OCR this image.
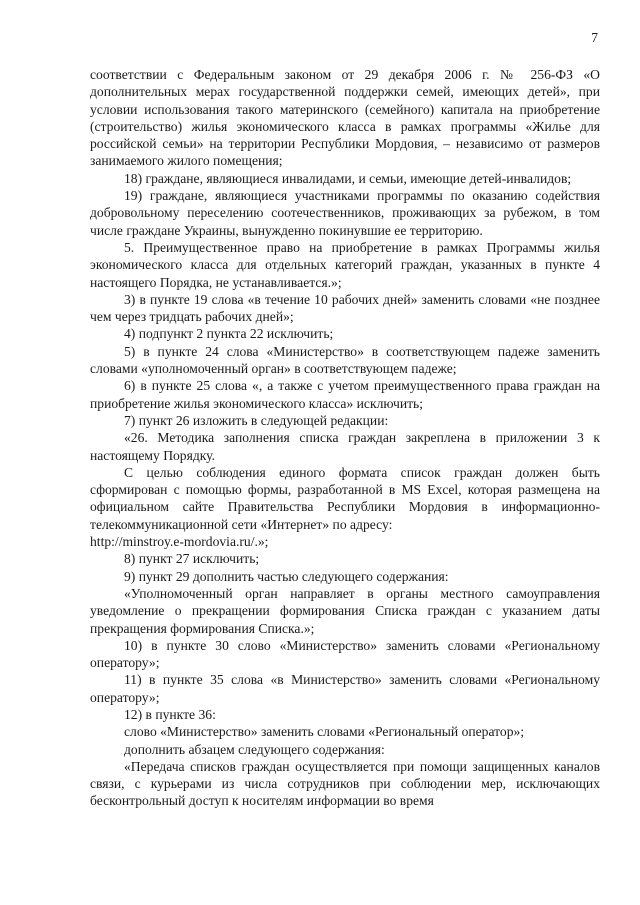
7

соответствии с Федеральным законом от 29 декабря 2006 г. № 256-ФЗ «О дополнительных мерах государственной поддержки семей, имеющих детей», при условии использования такого материнского (семейного) капитала на приобретение (строительство) жилья экономического класса в рамках программы «Жилье для российской семьи» на территории Республики Мордовия, – независимо от размеров занимаемого жилого помещения;

18) граждане, являющиеся инвалидами, и семьи, имеющие детей-инвалидов;

19) граждане, являющиеся участниками программы по оказанию содействия добровольному переселению соотечественников, проживающих за рубежом, в том числе граждане Украины, вынужденно покинувшие ее территорию.

5. Преимущественное право на приобретение в рамках Программы жилья экономического класса для отдельных категорий граждан, указанных в пункте 4 настоящего Порядка, не устанавливается.»;

3) в пункте 19 слова «в течение 10 рабочих дней» заменить словами «не позднее чем через тридцать рабочих дней»;

4) подпункт 2 пункта 22 исключить;

5) в пункте 24 слова «Министерство» в соответствующем падеже заменить словами «уполномоченный орган» в соответствующем падеже;

6) в пункте 25 слова «, а также с учетом преимущественного права граждан на приобретение жилья экономического класса» исключить;

7) пункт 26 изложить в следующей редакции:

«26. Методика заполнения списка граждан закреплена в приложении 3 к настоящему Порядку.

С целью соблюдения единого формата список граждан должен быть сформирован с помощью формы, разработанной в MS Excel, которая размещена на официальном сайте Правительства Республики Мордовия в информационно-телекоммуникационной сети «Интернет» по адресу:

http://minstroy.e-mordovia.ru/.»;

8) пункт 27 исключить;

9) пункт 29 дополнить частью следующего содержания:

«Уполномоченный орган направляет в органы местного самоуправления уведомление о прекращении формирования Списка граждан с указанием даты прекращения формирования Списка.»;

10) в пункте 30 слово «Министерство» заменить словами «Региональному оператору»;

11) в пункте 35 слова «в Министерство» заменить словами «Региональному оператору»;

12) в пункте 36:

слово «Министерство» заменить словами «Региональный оператор»;

дополнить абзацем следующего содержания:

«Передача списков граждан осуществляется при помощи защищенных каналов связи, с курьерами из числа сотрудников при соблюдении мер, исключающих бесконтрольный доступ к носителям информации во время
